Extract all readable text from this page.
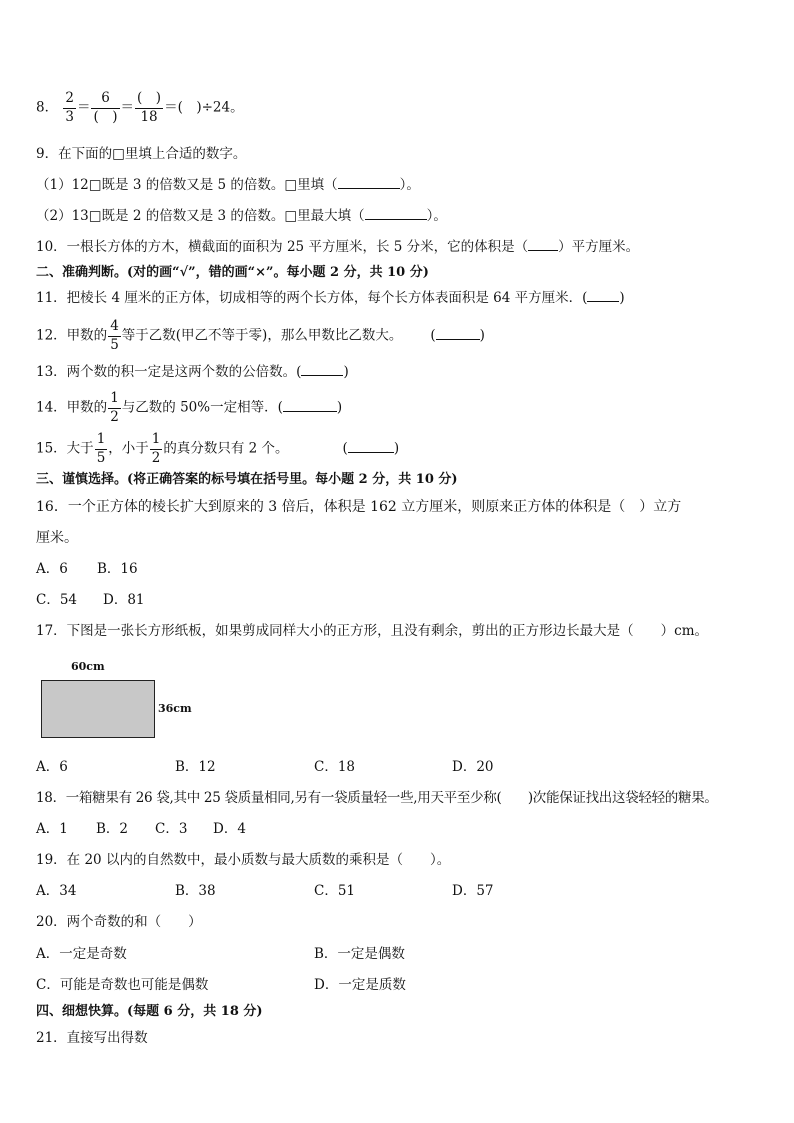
8． $\frac{2}{3} = \frac{6}{( )} = \frac{( )}{18}$ ＝(　)÷24。
9．在下面的□里填上合适的数字。
（1）12□既是 3 的倍数又是 5 的倍数。□里填（	）。
（2）13□既是 2 的倍数又是 3 的倍数。□里最大填（	）。
10．一根长方体的方木，横截面的面积为 25 平方厘米，长 5 分米，它的体积是（ ）平方厘米。
二、准确判断。(对的画“√”，错的画“×”。每小题 2 分，共 10 分)
11．把棱长 4 厘米的正方体，切成相等的两个长方体，每个长方体表面积是 64 平方厘米．( )
12．甲数的 $\frac{4}{5}$ 等于乙数(甲乙不等于零)，那么甲数比乙数大。 (	)
13．两个数的积一定是这两个数的公倍数。(	)
14．甲数的 $\frac{1}{2}$ 与乙数的 50%一定相等．(	)
15．大于 $\frac{1}{5}$ ，小于 $\frac{1}{2}$ 的真分数只有 2 个。	(	)
三、谨慎选择。(将正确答案的标号填在括号里。每小题 2 分，共 10 分)
16．一个正方体的棱长扩大到原来的 3 倍后，体积是 162 立方厘米，则原来正方体的体积是（　）立方
厘米。
A．6 B．16
C．54 D．81
17．下图是一张长方形纸板，如果剪成同样大小的正方形，且没有剩余，剪出的正方形边长最大是（　　）cm。
60cm
36cm
A．6	B．12	C．18	D．20
18．一箱糖果有 26 袋,其中 25 袋质量相同,另有一袋质量轻一些,用天平至少称(　　)次能保证找出这袋轻轻的糖果。
A．1 B．2 C．3 D．4
19．在 20 以内的自然数中，最小质数与最大质数的乘积是（　　）。
A．34	B．38	C．51	D．57
20．两个奇数的和（　　）
A．一定是奇数	B．一定是偶数
C．可能是奇数也可能是偶数	D．一定是质数
四、细想快算。(每题 6 分，共 18 分)
21．直接写出得数
